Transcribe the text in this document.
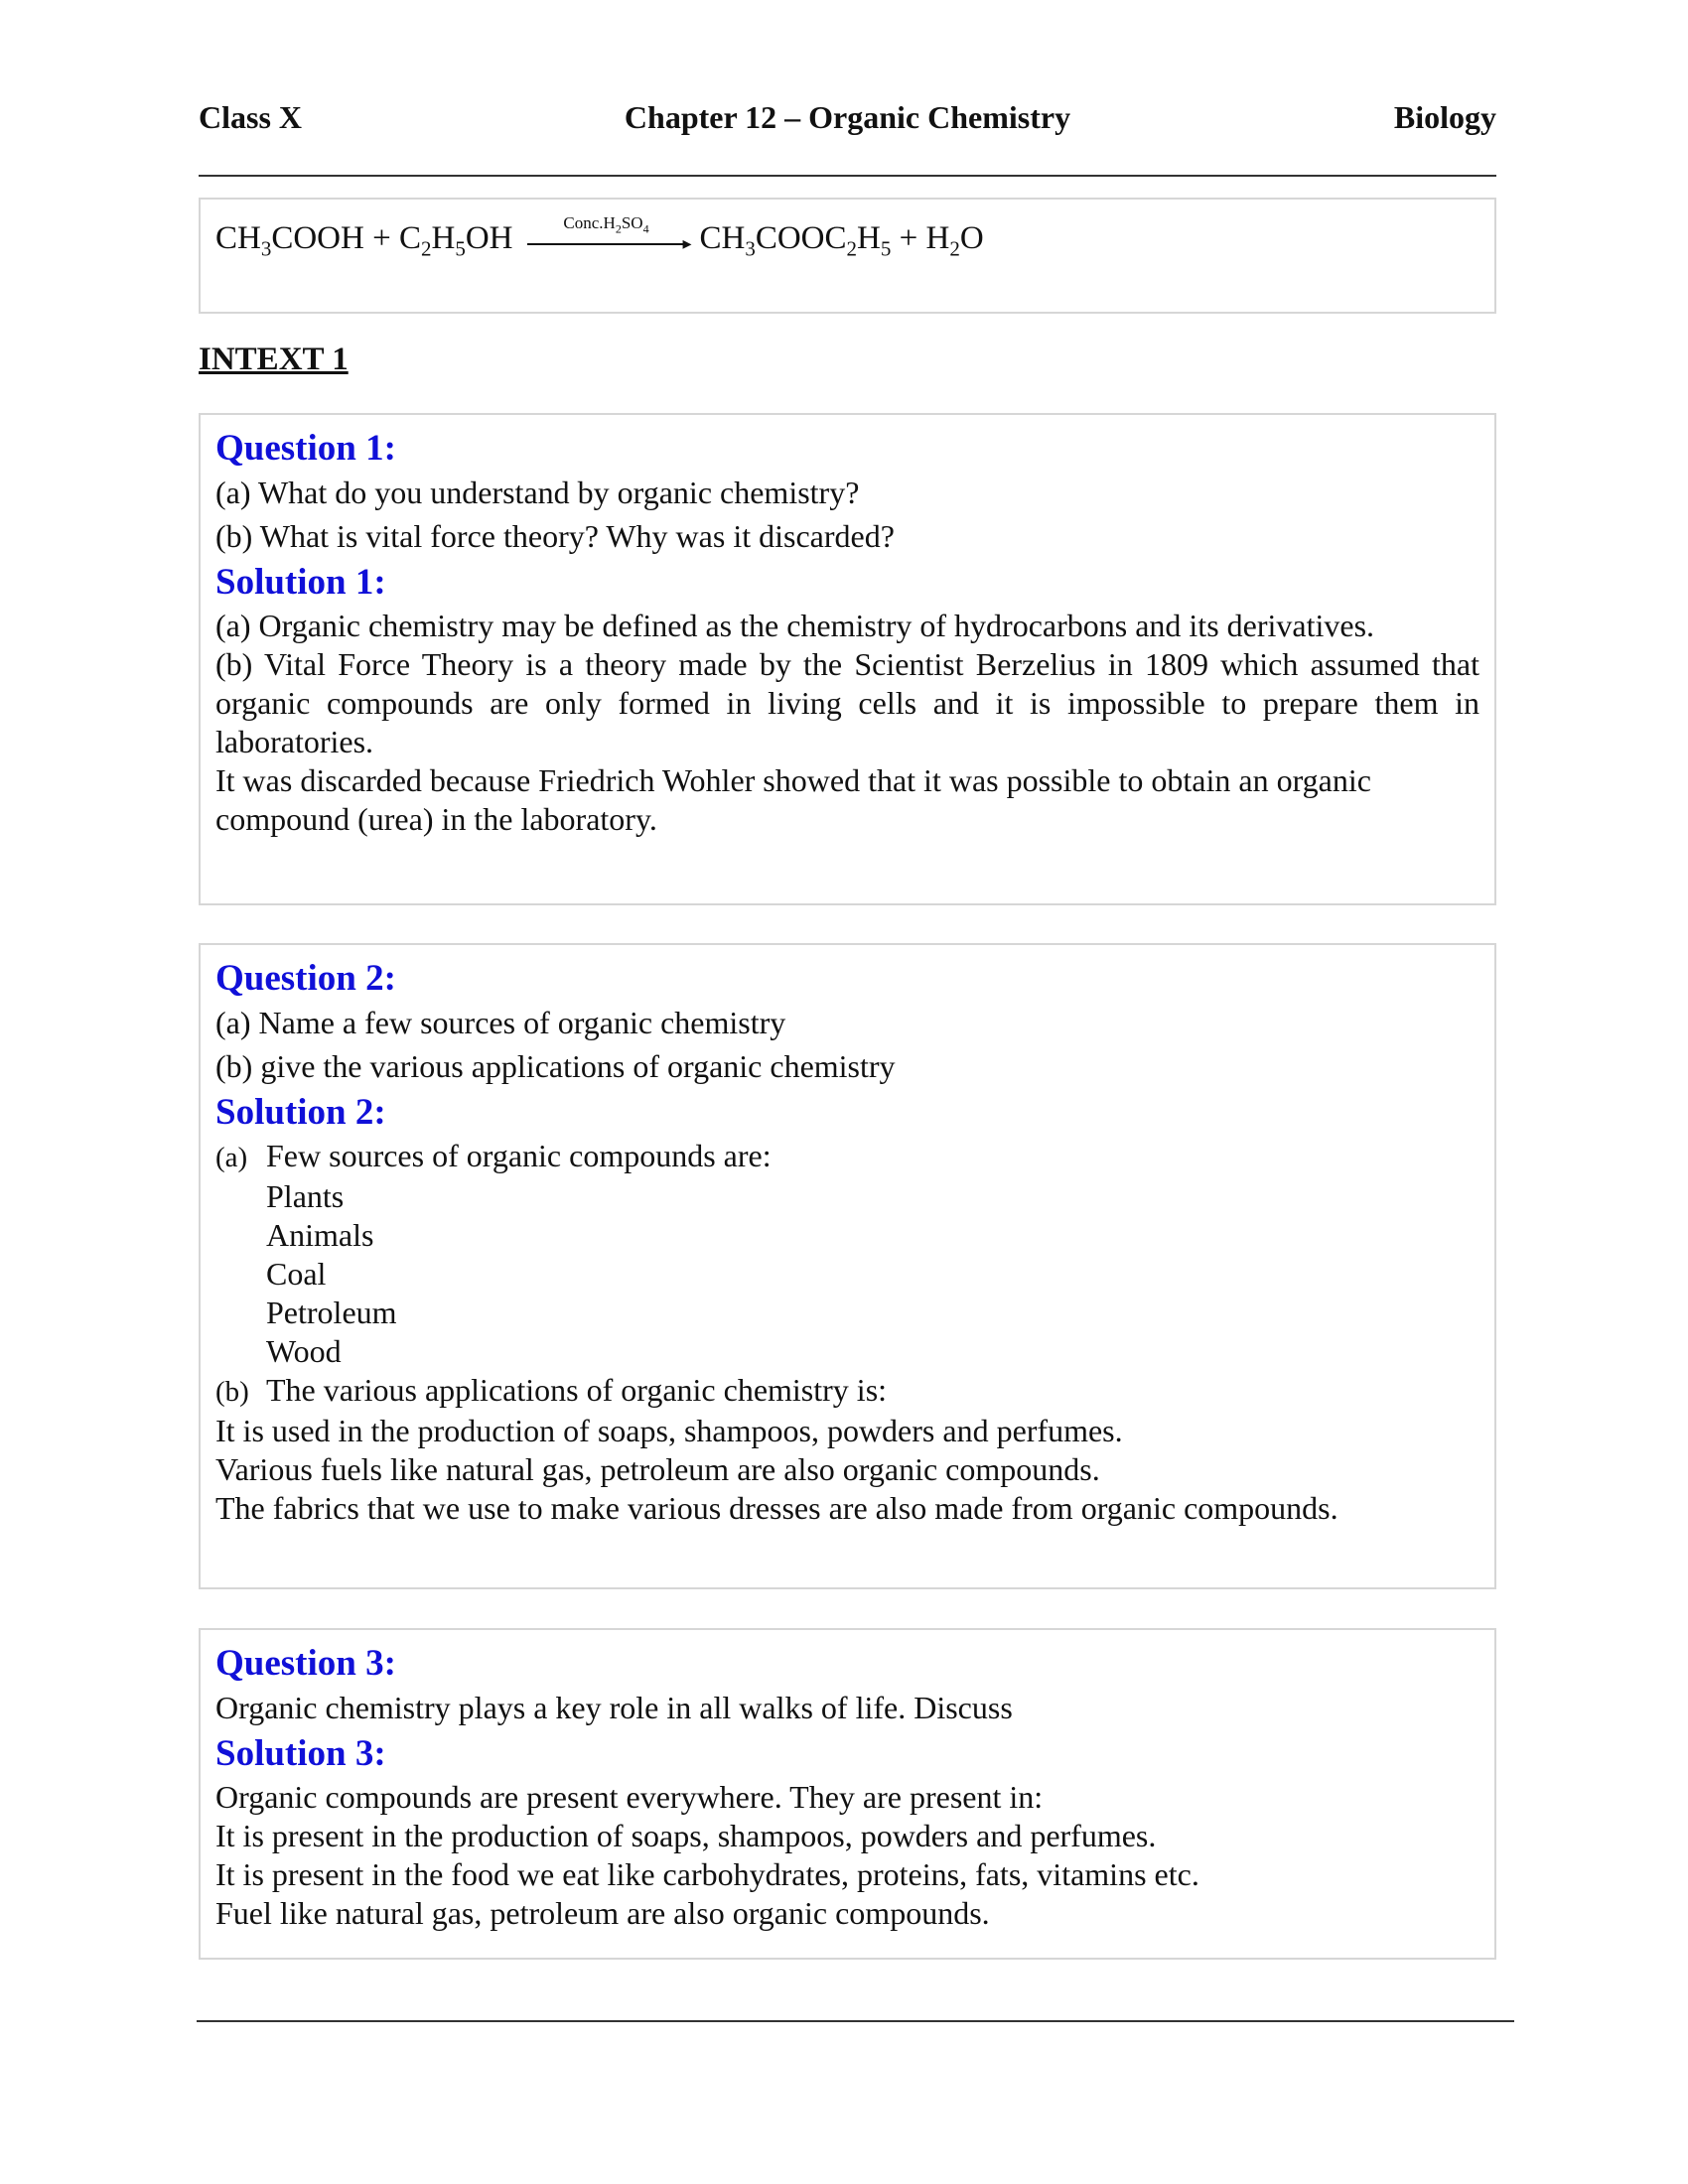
Class X	Chapter 12 – Organic Chemistry	Biology
$CH_3COOH + C_2H_5OH$	$Conc.H_2SO_4$
▸ $CH_3COOC_2H_5 + H_2O$
INTEXT 1
Question 1:
(a) What do you understand by organic chemistry?
(b) What is vital force theory? Why was it discarded?
Solution 1:
(a) Organic chemistry may be defined as the chemistry of hydrocarbons and its derivatives.
(b) Vital Force Theory is a theory made by the Scientist Berzelius in 1809 which assumed that organic compounds are only formed in living cells and it is impossible to prepare them in laboratories.
It was discarded because Friedrich Wohler showed that it was possible to obtain an organic compound (urea) in the laboratory.
Question 2:
(a) Name a few sources of organic chemistry
(b) give the various applications of organic chemistry
Solution 2:
(a) Few sources of organic compounds are:
Plants
Animals
Coal
Petroleum
Wood
(b) The various applications of organic chemistry is:
It is used in the production of soaps, shampoos, powders and perfumes.
Various fuels like natural gas, petroleum are also organic compounds.
The fabrics that we use to make various dresses are also made from organic compounds.
Question 3:
Organic chemistry plays a key role in all walks of life. Discuss
Solution 3:
Organic compounds are present everywhere. They are present in:
It is present in the production of soaps, shampoos, powders and perfumes.
It is present in the food we eat like carbohydrates, proteins, fats, vitamins etc.
Fuel like natural gas, petroleum are also organic compounds.
